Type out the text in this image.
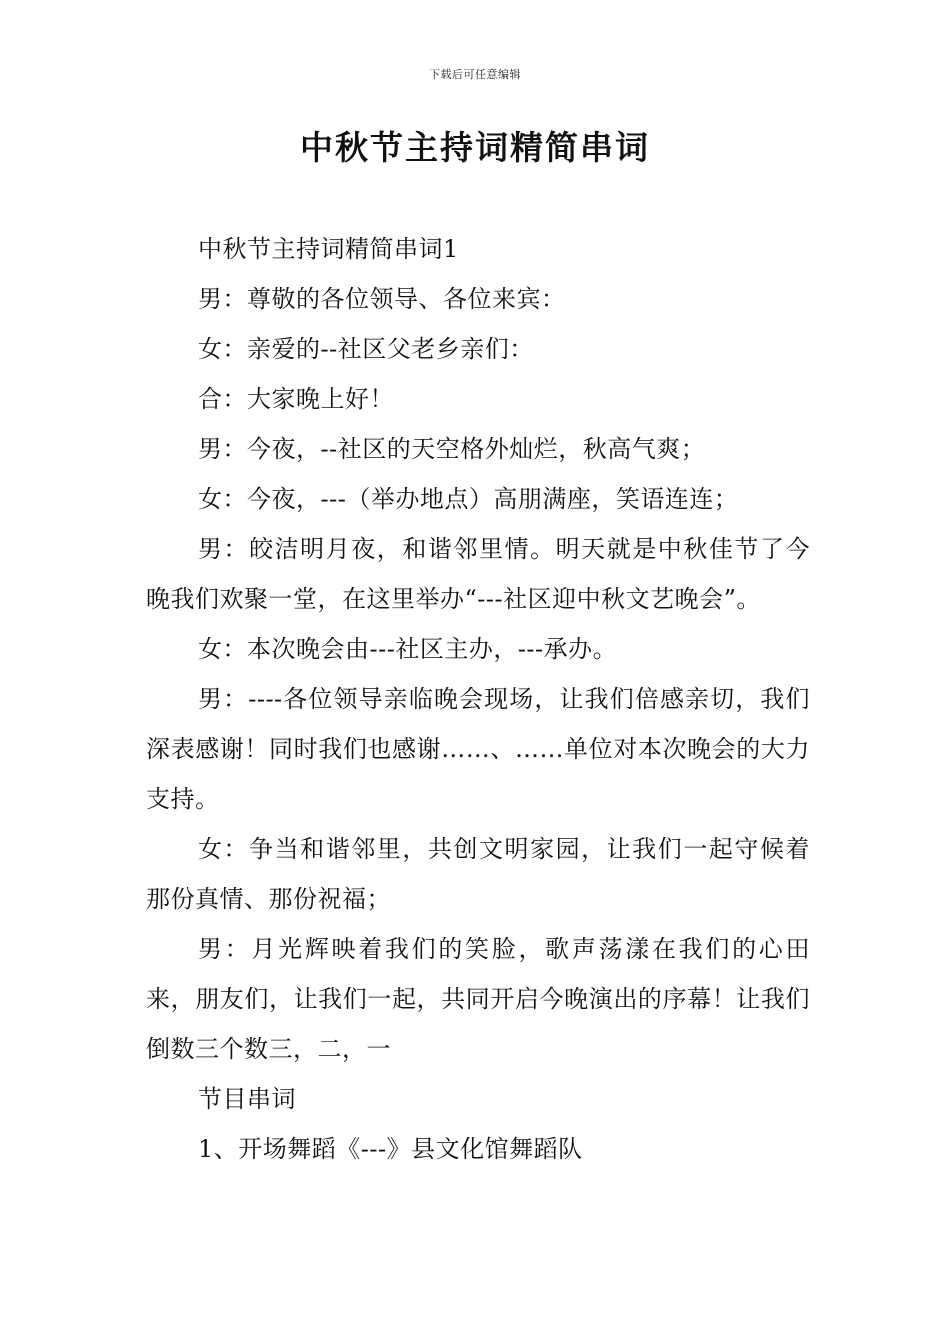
下载后可任意编辑
中秋节主持词精简串词

中秋节主持词精简串词1

男：尊敬的各位领导、各位来宾：

女：亲爱的--社区父老乡亲们：

合：大家晚上好！

男：今夜，--社区的天空格外灿烂，秋高气爽；

女：今夜，---（举办地点）高朋满座，笑语连连；

男：皎洁明月夜，和谐邻里情。明天就是中秋佳节了今晚我们欢聚一堂，在这里举办“---社区迎中秋文艺晚会”。

女：本次晚会由---社区主办，---承办。

男：----各位领导亲临晚会现场，让我们倍感亲切，我们深表感谢！同时我们也感谢……、……单位对本次晚会的大力支持。

女：争当和谐邻里，共创文明家园，让我们一起守候着那份真情、那份祝福；

男：月光辉映着我们的笑脸，歌声荡漾在我们的心田来，朋友们，让我们一起，共同开启今晚演出的序幕！让我们倒数三个数三，二，一

节目串词

1、开场舞蹈《---》县文化馆舞蹈队
